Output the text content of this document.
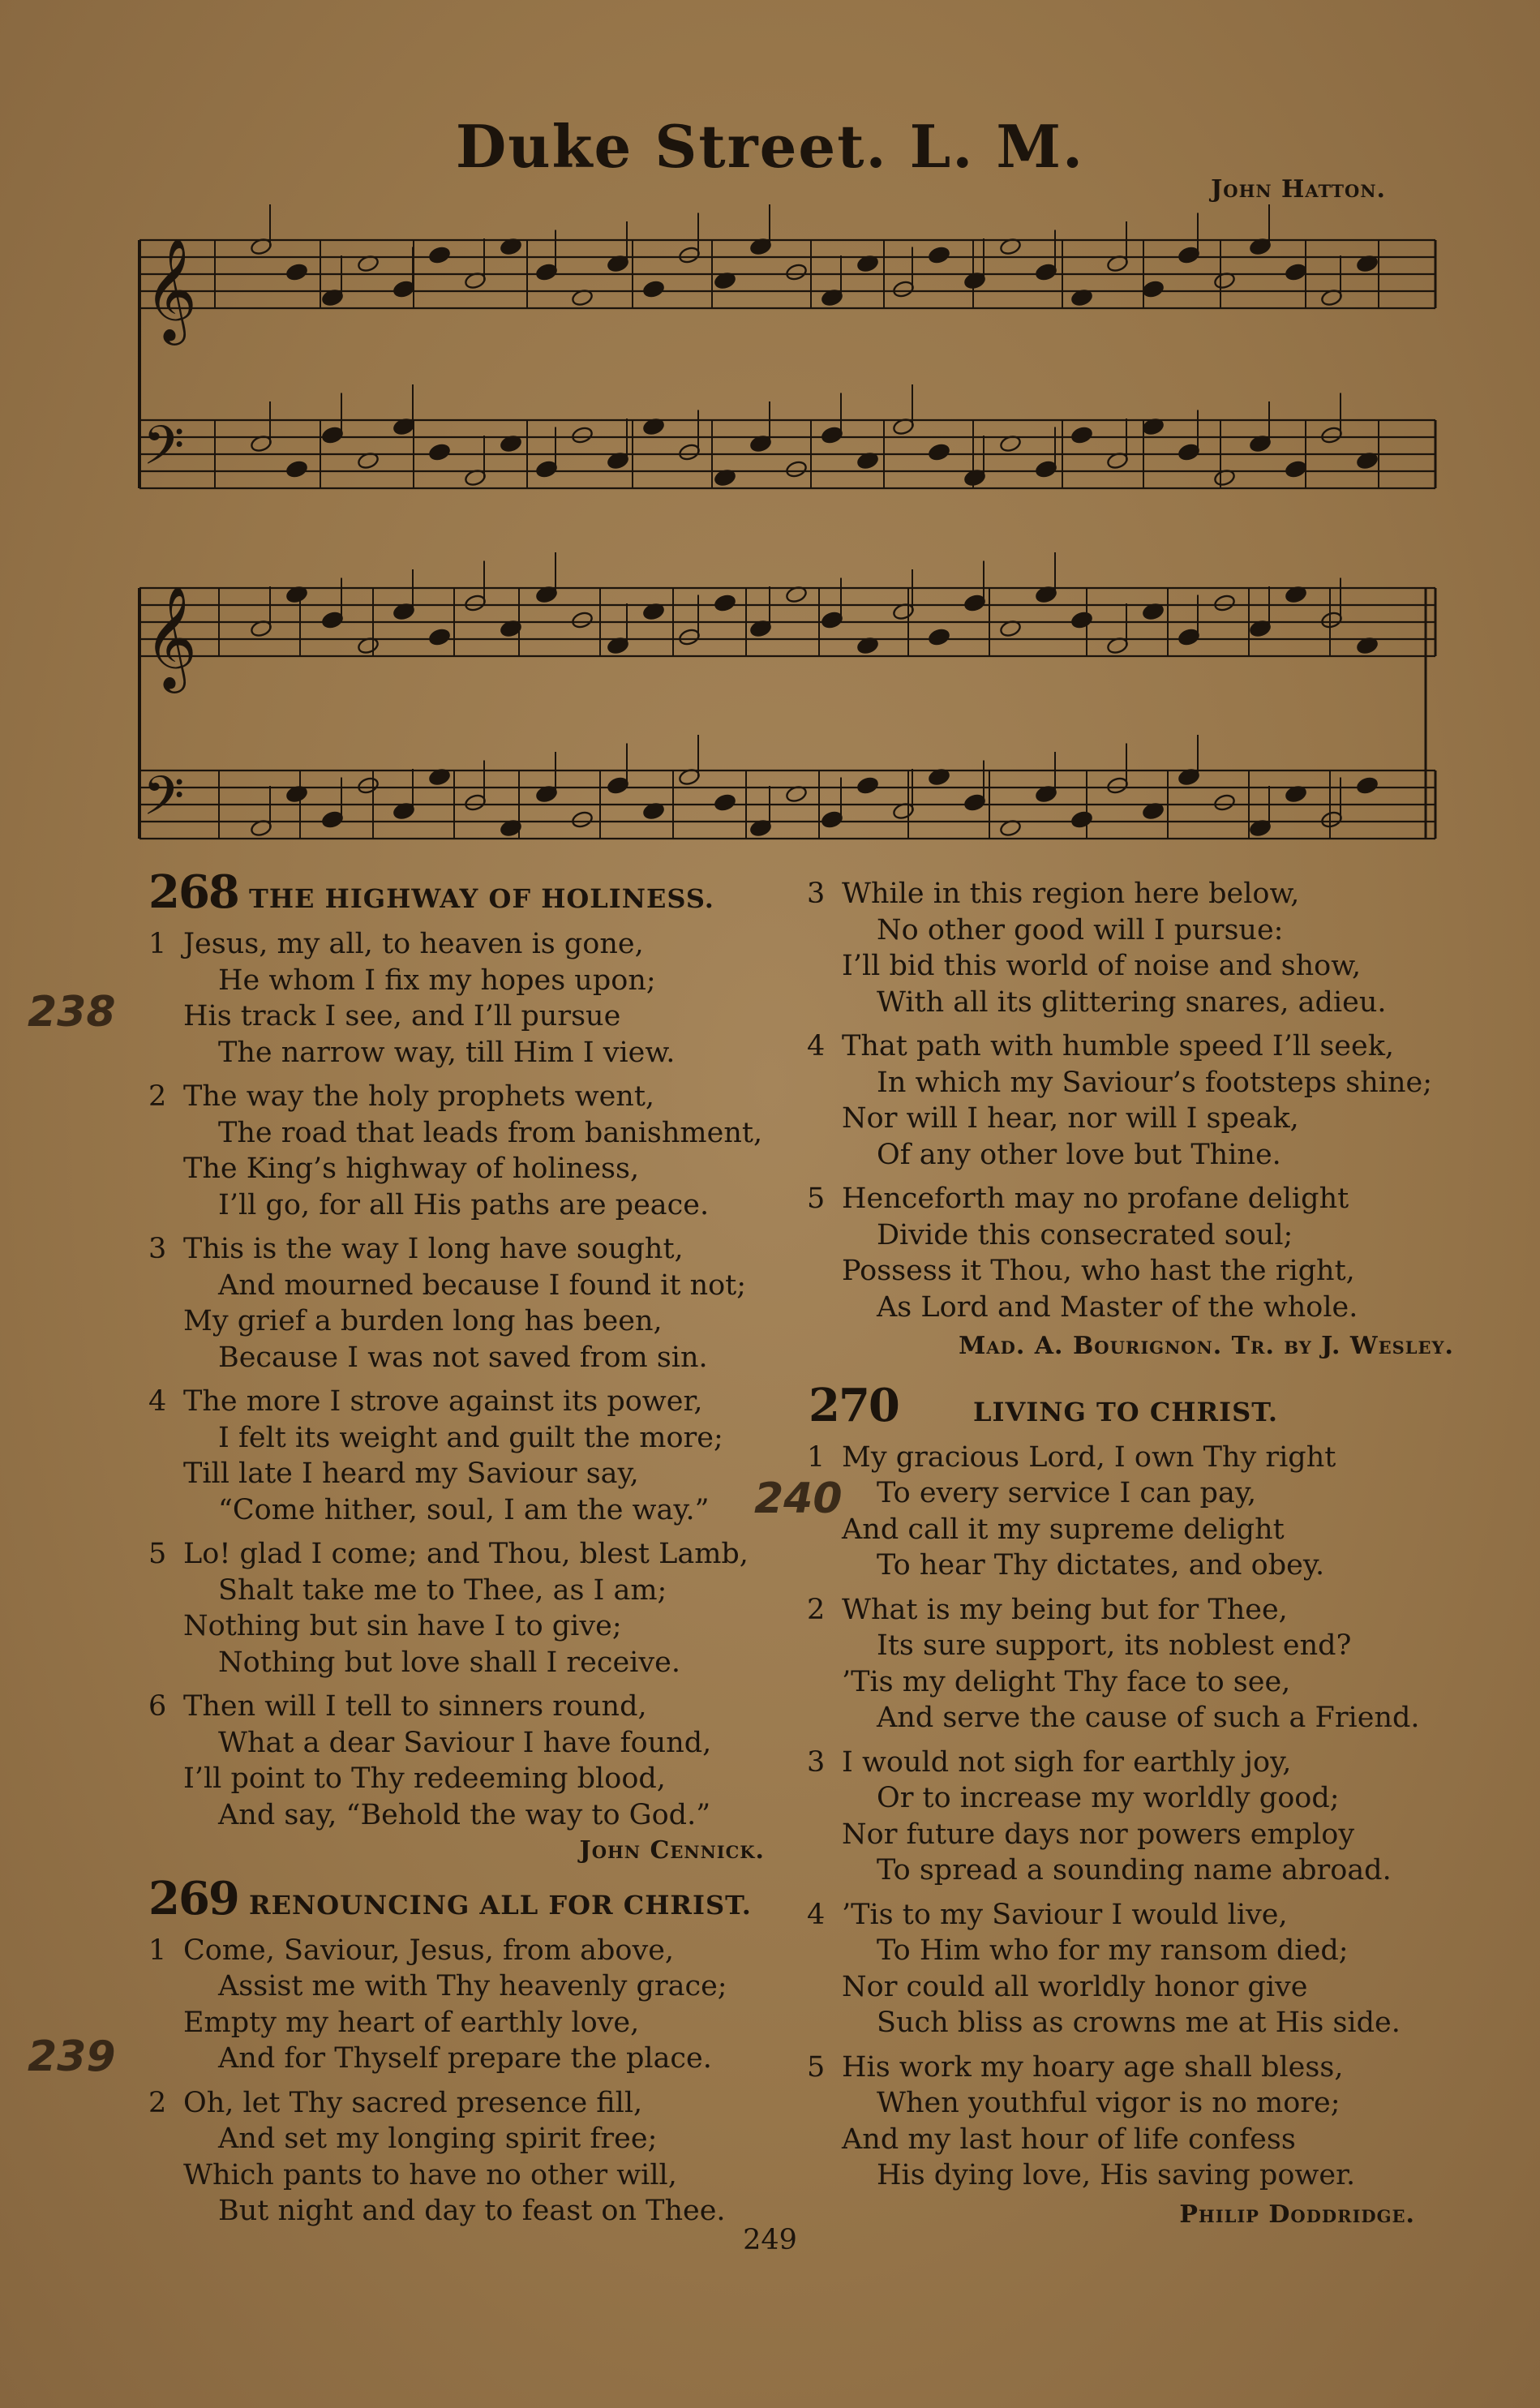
Duke Street. L. M.
John Hatton.
𝄞
𝄢
𝄞
𝄢
268 THE HIGHWAY OF HOLINESS.
1 Jesus, my all, to heaven is gone,
He whom I fix my hopes upon;
His track I see, and I’ll pursue
The narrow way, till Him I view.
2 The way the holy prophets went,
The road that leads from banishment,
The King’s highway of holiness,
I’ll go, for all His paths are peace.
3 This is the way I long have sought,
And mourned because I found it not;
My grief a burden long has been,
Because I was not saved from sin.
4 The more I strove against its power,
I felt its weight and guilt the more;
Till late I heard my Saviour say,
“Come hither, soul, I am the way.”
5 Lo! glad I come; and Thou, blest Lamb,
Shalt take me to Thee, as I am;
Nothing but sin have I to give;
Nothing but love shall I receive.
6 Then will I tell to sinners round,
What a dear Saviour I have found,
I’ll point to Thy redeeming blood,
And say, “Behold the way to God.”
John Cennick.
269 RENOUNCING ALL FOR CHRIST.
1 Come, Saviour, Jesus, from above,
Assist me with Thy heavenly grace;
Empty my heart of earthly love,
And for Thyself prepare the place.
2 Oh, let Thy sacred presence fill,
And set my longing spirit free;
Which pants to have no other will,
But night and day to feast on Thee.
3 While in this region here below,
No other good will I pursue:
I’ll bid this world of noise and show,
With all its glittering snares, adieu.
4 That path with humble speed I’ll seek,
In which my Saviour’s footsteps shine;
Nor will I hear, nor will I speak,
Of any other love but Thine.
5 Henceforth may no profane delight
Divide this consecrated soul;
Possess it Thou, who hast the right,
As Lord and Master of the whole.
Mad. A. Bourignon. Tr. by J. Wesley.
270	LIVING TO CHRIST.
1 My gracious Lord, I own Thy right
To every service I can pay,
And call it my supreme delight
To hear Thy dictates, and obey.
2 What is my being but for Thee,
Its sure support, its noblest end?
’Tis my delight Thy face to see,
And serve the cause of such a Friend.
3 I would not sigh for earthly joy,
Or to increase my worldly good;
Nor future days nor powers employ
To spread a sounding name abroad.
4 ’Tis to my Saviour I would live,
To Him who for my ransom died;
Nor could all worldly honor give
Such bliss as crowns me at His side.
5 His work my hoary age shall bless,
When youthful vigor is no more;
And my last hour of life confess
His dying love, His saving power.
Philip Doddridge.
238
240
239
249
